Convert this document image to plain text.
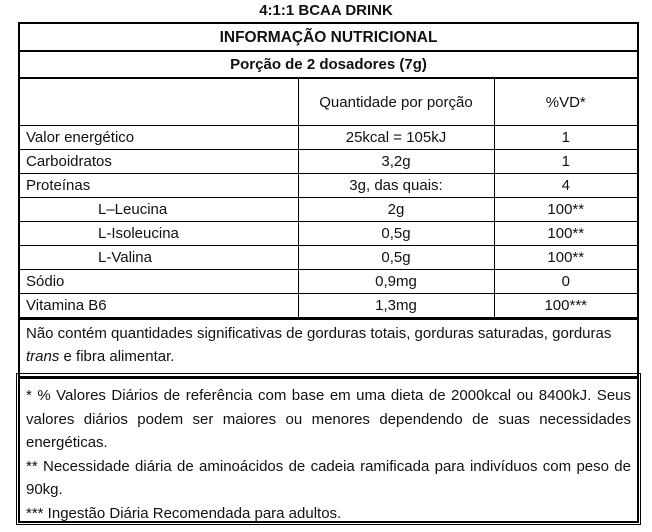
4:1:1 BCAA DRINK
INFORMAÇÃO NUTRICIONAL		
Porção de 2 dosadores (7g)		
	Quantidade por porção	%VD*
Valor energético	25kcal = 105kJ	1
Carboidratos	3,2g	1
Proteínas	3g, das quais:	4
L–Leucina	2g	100**
L-Isoleucina	0,5g	100**
L-Valina	0,5g	100**
Sódio	0,9mg	0
Vitamina B6	1,3mg	100***
Não contém quantidades significativas de gorduras totais, gorduras saturadas, gorduras trans e fibra alimentar.

* % Valores Diários de referência com base em uma dieta de 2000kcal ou 8400kJ. Seus valores diários podem ser maiores ou menores dependendo de suas necessidades energéticas.

** Necessidade diária de aminoácidos de cadeia ramificada para indivíduos com peso de 90kg.

*** Ingestão Diária Recomendada para adultos.
